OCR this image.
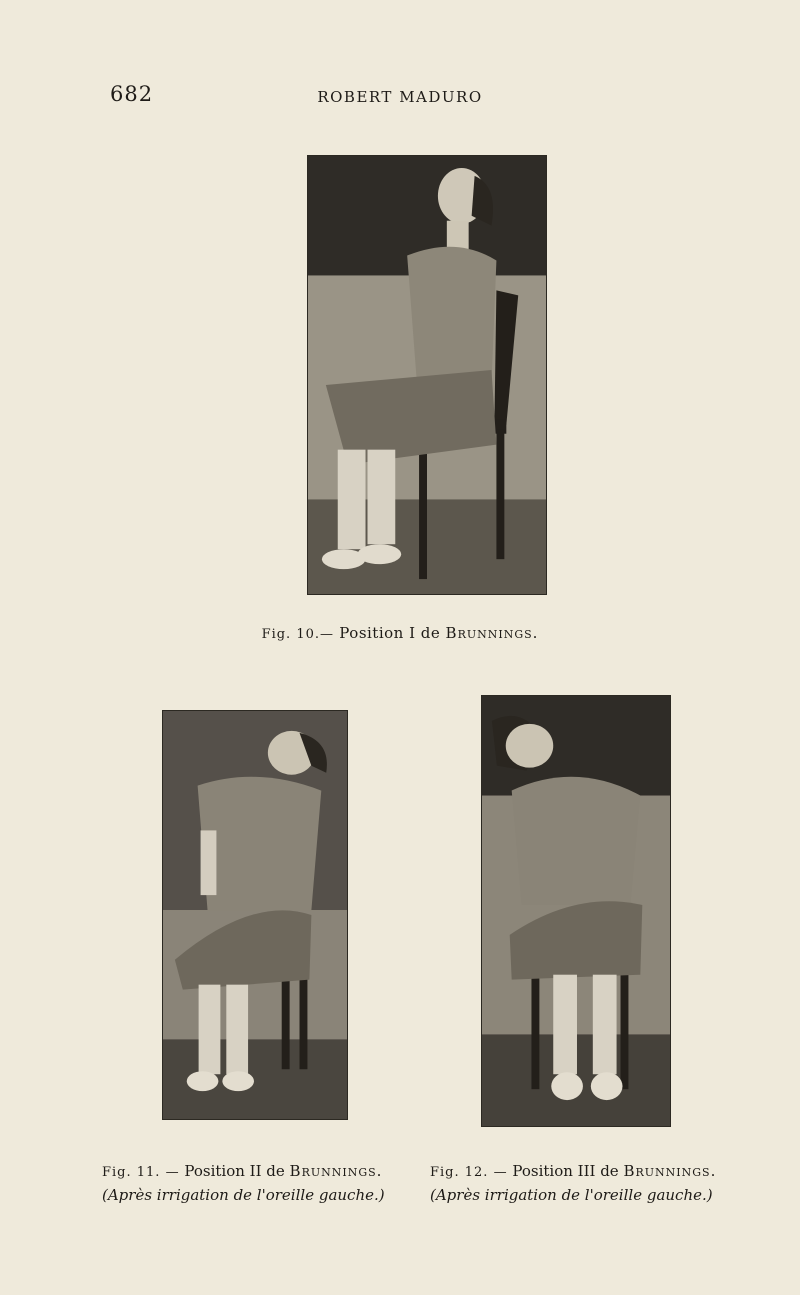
682	ROBERT MADURO
Fig. 10.— Position I de Brunnings.
Fig. 11. — Position II de Brunnings.
(Après irrigation de l'oreille gauche.)
Fig. 12. — Position III de Brunnings.
(Après irrigation de l'oreille gauche.)
